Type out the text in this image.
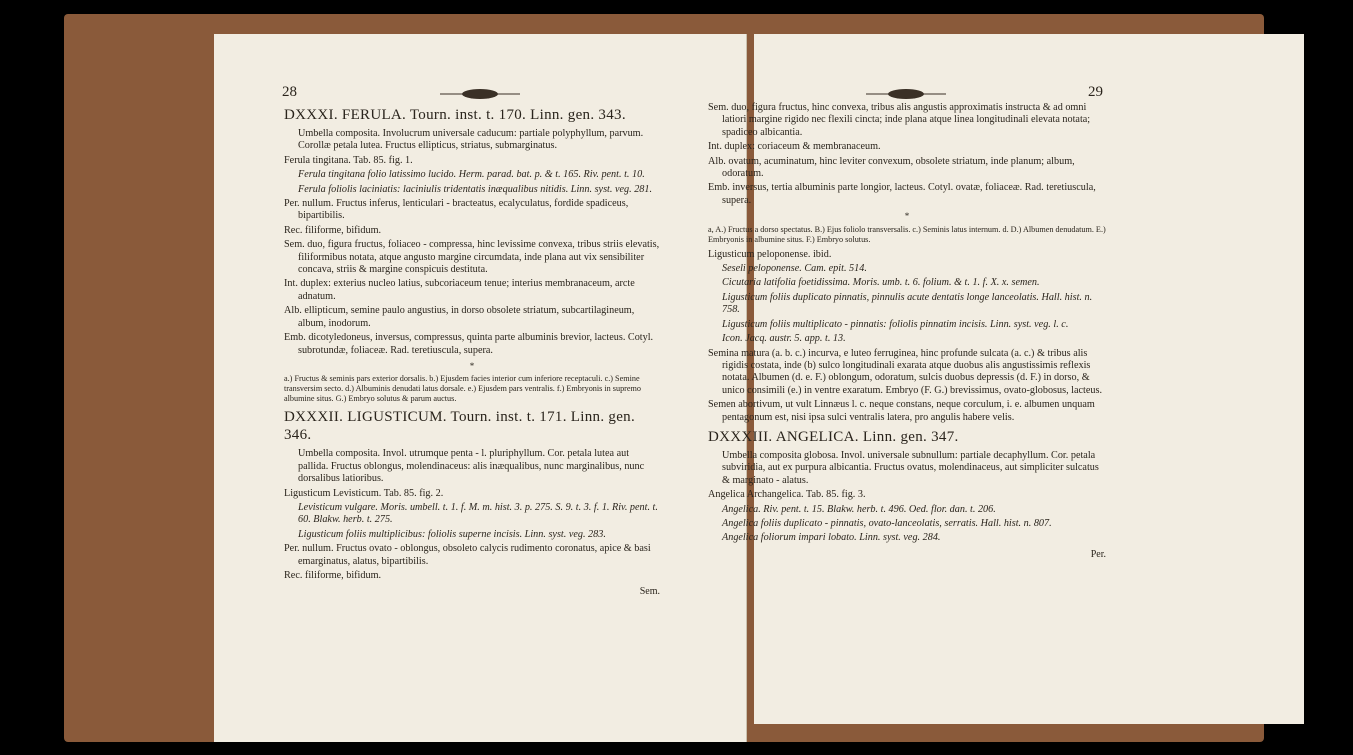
28	29
DXXXI. FERULA. Tourn. inst. t. 170. Linn. gen. 343.
Umbella composita. Involucrum universale caducum: partiale polyphyllum, parvum. Corollæ petala lutea. Fructus ellipticus, striatus, submarginatus.
Ferula tingitana. Tab. 85. fig. 1.
Ferula tingitana folio latissimo lucido. Herm. parad. bat. p. & t. 165. Riv. pent. t. 10.
Ferula foliolis laciniatis: laciniulis tridentatis inæqualibus nitidis. Linn. syst. veg. 281.
Per. nullum. Fructus inferus, lenticulari - bracteatus, ecalyculatus, fordide spadiceus, bipartibilis.
Rec. filiforme, bifidum.
Sem. duo, figura fructus, foliaceo - compressa, hinc levissime convexa, tribus striis elevatis, filiformibus notata, atque angusto margine circumdata, inde plana aut vix sensibiliter concava, striis & margine conspicuis destituta.
Int. duplex: exterius nucleo latius, subcoriaceum tenue; interius membranaceum, arcte adnatum.
Alb. ellipticum, semine paulo angustius, in dorso obsolete striatum, subcartilagineum, album, inodorum.
Emb. dicotyledoneus, inversus, compressus, quinta parte albuminis brevior, lacteus. Cotyl. subrotundæ, foliaceæ. Rad. teretiuscula, supera.
*
a.) Fructus & seminis pars exterior dorsalis. b.) Ejusdem facies interior cum inferiore receptaculi. c.) Semine transversim secto. d.) Albuminis denudati latus dorsale. e.) Ejusdem pars ventralis. f.) Embryonis in supremo albumine situs. G.) Embryo solutus & parum auctus.
DXXXII. LIGUSTICUM. Tourn. inst. t. 171. Linn. gen. 346.
Umbella composita. Invol. utrumque penta - l. pluriphyllum. Cor. petala lutea aut pallida. Fructus oblongus, molendinaceus: alis inæqualibus, nunc marginalibus, nunc dorsalibus latioribus.
Ligusticum Levisticum. Tab. 85. fig. 2.
Levisticum vulgare. Moris. umbell. t. 1. f. M. m. hist. 3. p. 275. S. 9. t. 3. f. 1. Riv. pent. t. 60. Blakw. herb. t. 275.
Ligusticum foliis multiplicibus: foliolis superne incisis. Linn. syst. veg. 283.
Per. nullum. Fructus ovato - oblongus, obsoleto calycis rudimento coronatus, apice & basi emarginatus, alatus, bipartibilis.
Rec. filiforme, bifidum.
Sem.
Sem. duo, figura fructus, hinc convexa, tribus alis angustis approximatis instructa & ad omni latiori margine rigido nec flexili cincta; inde plana atque linea longitudinali elevata notata; spadiceo albicantia.
Int. duplex: coriaceum & membranaceum.
Alb. ovatum, acuminatum, hinc leviter convexum, obsolete striatum, inde planum; album, odoratum.
Emb. inversus, tertia albuminis parte longior, lacteus. Cotyl. ovatæ, foliaceæ. Rad. teretiuscula, supera.
*
a, A.) Fructus a dorso spectatus. B.) Ejus foliolo transversalis. c.) Seminis latus internum. d. D.) Albumen denudatum. E.) Embryonis in albumine situs. F.) Embryo solutus.
Ligusticum peloponense. ibid.
Seseli peloponense. Cam. epit. 514.
Cicutaria latifolia foetidissima. Moris. umb. t. 6. folium. & t. 1. f. X. x. semen.
Ligusticum foliis duplicato pinnatis, pinnulis acute dentatis longe lanceolatis. Hall. hist. n. 758.
Ligusticum foliis multiplicato - pinnatis: foliolis pinnatim incisis. Linn. syst. veg. l. c.
Icon. Jacq. austr. 5. app. t. 13.
Semina matura (a. b. c.) incurva, e luteo ferruginea, hinc profunde sulcata (a. c.) & tribus alis rigidis costata, inde (b) sulco longitudinali exarata atque duobus alis angustissimis reflexis notata. Albumen (d. e. F.) oblongum, odoratum, sulcis duobus depressis (d. F.) in dorso, & unico consimili (e.) in ventre exaratum. Embryo (F. G.) brevissimus, ovato-globosus, lacteus.
Semen abortivum, ut vult Linnæus l. c. neque constans, neque corculum, i. e. albumen unquam pentagonum est, nisi ipsa sulci ventralis latera, pro angulis habere velis.
DXXXIII. ANGELICA. Linn. gen. 347.
Umbella composita globosa. Invol. universale subnullum: partiale decaphyllum. Cor. petala subviridia, aut ex purpura albicantia. Fructus ovatus, molendinaceus, aut simpliciter sulcatus & marginato - alatus.
Angelica Archangelica. Tab. 85. fig. 3.
Angelica. Riv. pent. t. 15. Blakw. herb. t. 496. Oed. flor. dan. t. 206.
Angelica foliis duplicato - pinnatis, ovato-lanceolatis, serratis. Hall. hist. n. 807.
Angelica foliorum impari lobato. Linn. syst. veg. 284.
Per.
